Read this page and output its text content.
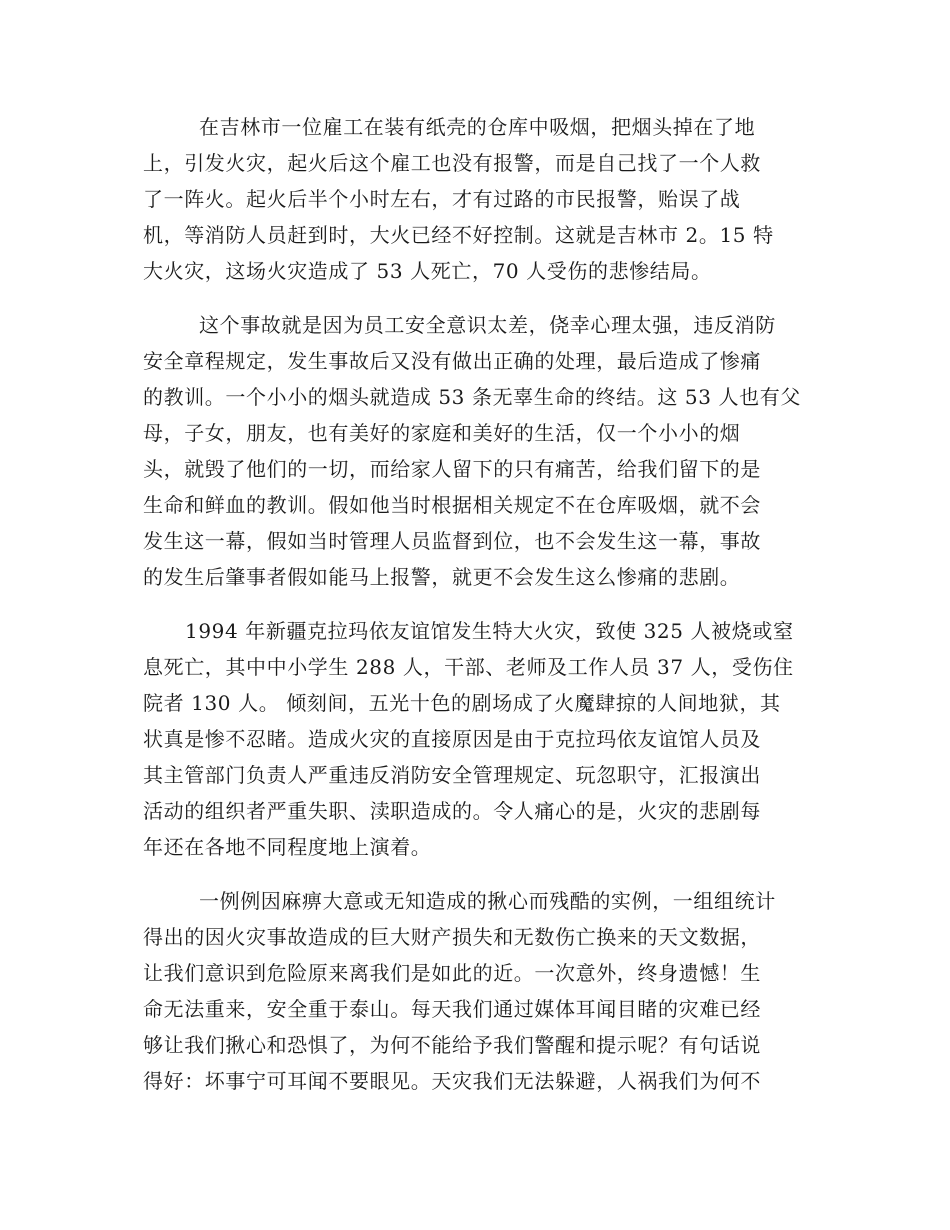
在吉林市一位雇工在装有纸壳的仓库中吸烟，把烟头掉在了地
上，引发火灾，起火后这个雇工也没有报警，而是自己找了一个人救
了一阵火。起火后半个小时左右，才有过路的市民报警，贻误了战
机，等消防人员赶到时，大火已经不好控制。这就是吉林市 2。15 特
大火灾，这场火灾造成了 53 人死亡，70 人受伤的悲惨结局。

这个事故就是因为员工安全意识太差，侥幸心理太强，违反消防
安全章程规定，发生事故后又没有做出正确的处理，最后造成了惨痛
的教训。一个小小的烟头就造成 53 条无辜生命的终结。这 53 人也有父
母，子女，朋友，也有美好的家庭和美好的生活，仅一个小小的烟
头，就毁了他们的一切，而给家人留下的只有痛苦，给我们留下的是
生命和鲜血的教训。假如他当时根据相关规定不在仓库吸烟，就不会
发生这一幕，假如当时管理人员监督到位，也不会发生这一幕，事故
的发生后肇事者假如能马上报警，就更不会发生这么惨痛的悲剧。

1994 年新疆克拉玛依友谊馆发生特大火灾，致使 325 人被烧或窒
息死亡，其中中小学生 288 人，干部、老师及工作人员 37 人，受伤住
院者 130 人。 倾刻间，五光十色的剧场成了火魔肆掠的人间地狱，其
状真是惨不忍睹。造成火灾的直接原因是由于克拉玛依友谊馆人员及
其主管部门负责人严重违反消防安全管理规定、玩忽职守，汇报演出
活动的组织者严重失职、渎职造成的。令人痛心的是，火灾的悲剧每
年还在各地不同程度地上演着。

一例例因麻痹大意或无知造成的揪心而残酷的实例，一组组统计
得出的因火灾事故造成的巨大财产损失和无数伤亡换来的天文数据，
让我们意识到危险原来离我们是如此的近。一次意外，终身遗憾！生
命无法重来，安全重于泰山。每天我们通过媒体耳闻目睹的灾难已经
够让我们揪心和恐惧了，为何不能给予我们警醒和提示呢？有句话说
得好：坏事宁可耳闻不要眼见。天灾我们无法躲避，人祸我们为何不
